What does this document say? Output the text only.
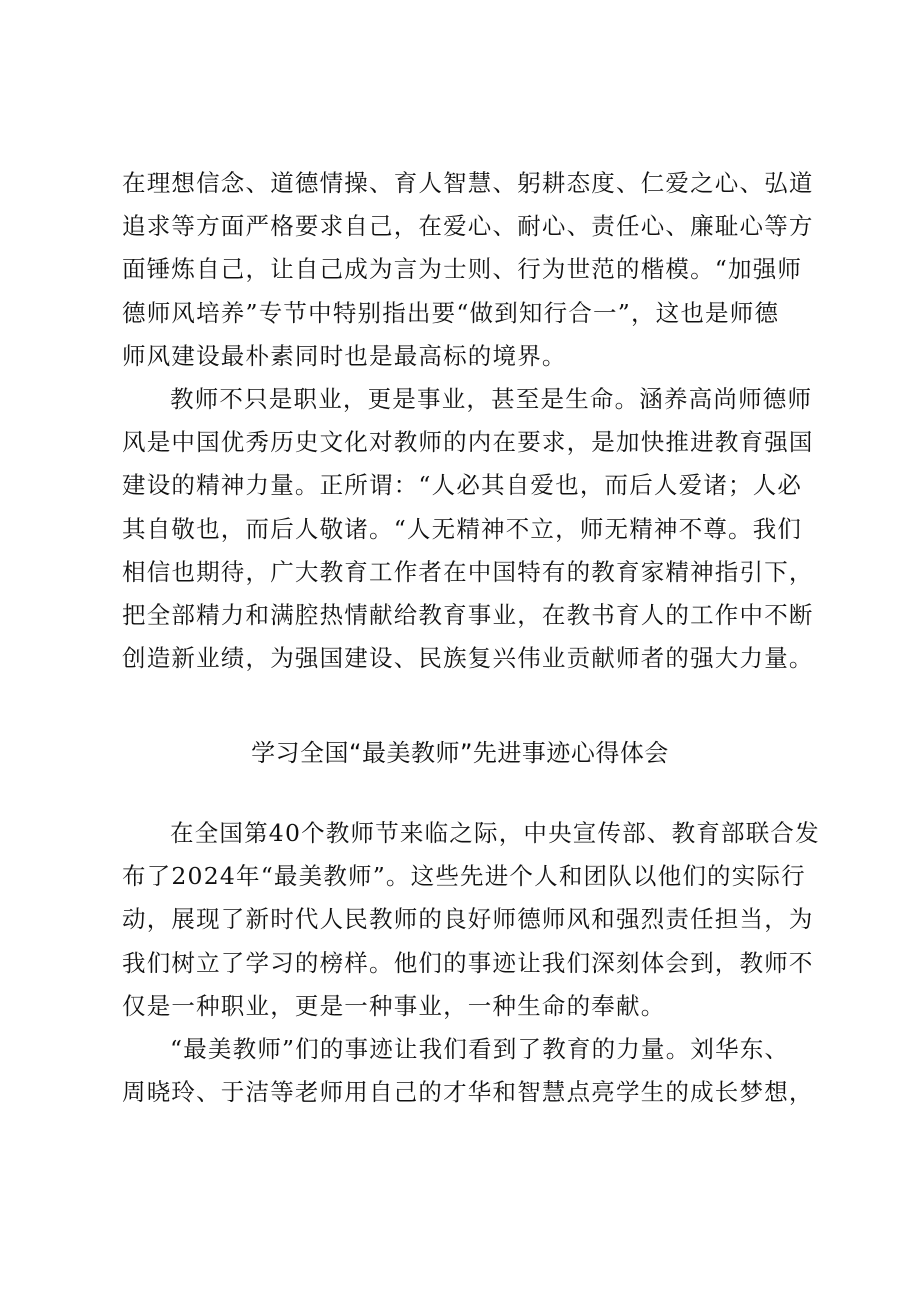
在理想信念、道德情操、育人智慧、躬耕态度、仁爱之心、弘道
追求等方面严格要求自己，在爱心、耐心、责任心、廉耻心等方
面锤炼自己，让自己成为言为士则、行为世范的楷模。“加强师
德师风培养”专节中特别指出要“做到知行合一”，这也是师德
师风建设最朴素同时也是最高标的境界。
教师不只是职业，更是事业，甚至是生命。涵养高尚师德师
风是中国优秀历史文化对教师的内在要求，是加快推进教育强国
建设的精神力量。正所谓：“人必其自爱也，而后人爱诸；人必
其自敬也，而后人敬诸。“人无精神不立，师无精神不尊。我们
相信也期待，广大教育工作者在中国特有的教育家精神指引下，
把全部精力和满腔热情献给教育事业，在教书育人的工作中不断
创造新业绩，为强国建设、民族复兴伟业贡献师者的强大力量。
学习全国“最美教师”先进事迹心得体会
在全国第40个教师节来临之际，中央宣传部、教育部联合发
布了2024年“最美教师”。这些先进个人和团队以他们的实际行
动，展现了新时代人民教师的良好师德师风和强烈责任担当，为
我们树立了学习的榜样。他们的事迹让我们深刻体会到，教师不
仅是一种职业，更是一种事业，一种生命的奉献。
“最美教师”们的事迹让我们看到了教育的力量。刘华东、
周晓玲、于洁等老师用自己的才华和智慧点亮学生的成长梦想，
